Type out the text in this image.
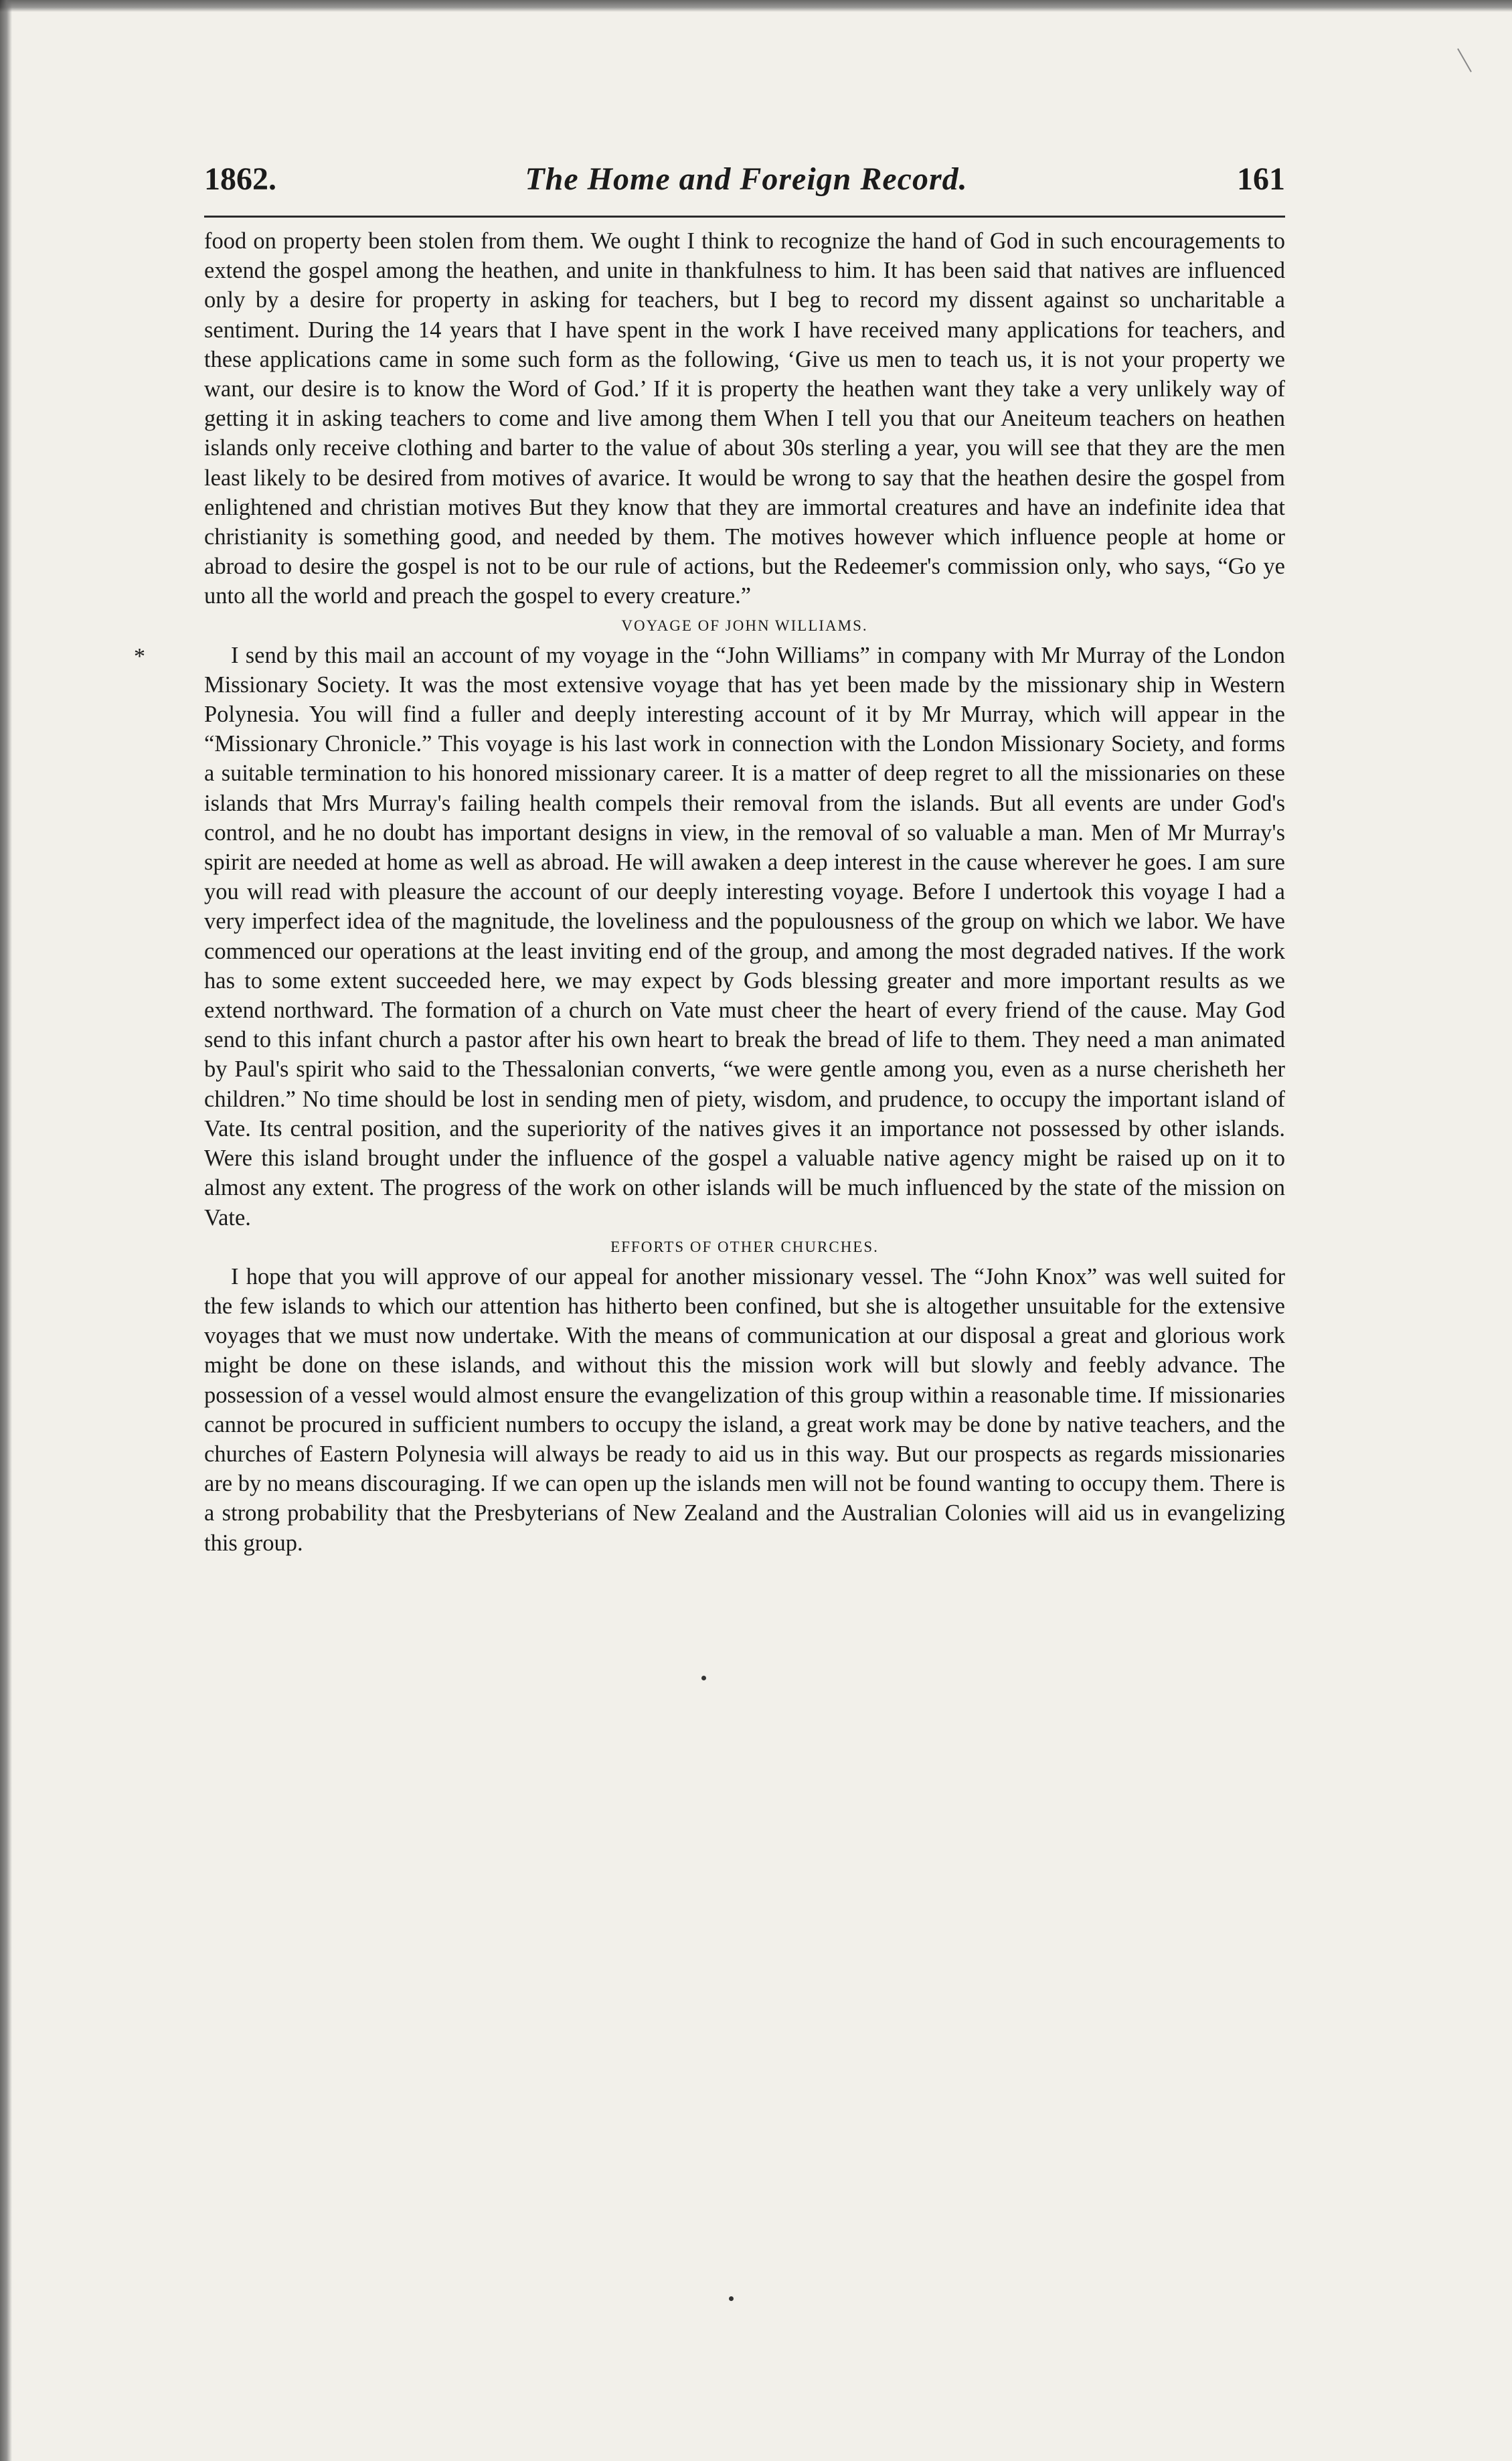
1862.	The Home and Foreign Record.	161
*

food on property been stolen from them. We ought I think to recognize the hand of God in such encouragements to extend the gospel among the heathen, and unite in thankfulness to him. It has been said that natives are influenced only by a desire for property in asking for teachers, but I beg to record my dissent against so uncharitable a sentiment. During the 14 years that I have spent in the work I have received many applications for teachers, and these applications came in some such form as the following, ‘Give us men to teach us, it is not your property we want, our desire is to know the Word of God.’ If it is property the heathen want they take a very unlikely way of getting it in asking teachers to come and live among them When I tell you that our Aneiteum teachers on heathen islands only receive clothing and barter to the value of about 30s sterling a year, you will see that they are the men least likely to be desired from motives of avarice. It would be wrong to say that the heathen desire the gospel from enlightened and christian motives But they know that they are immortal creatures and have an indefinite idea that christianity is something good, and needed by them. The motives however which influence people at home or abroad to desire the gospel is not to be our rule of actions, but the Redeemer's commission only, who says, “Go ye unto all the world and preach the gospel to every creature.”

VOYAGE OF JOHN WILLIAMS.

I send by this mail an account of my voyage in the “John Williams” in company with Mr Murray of the London Missionary Society. It was the most extensive voyage that has yet been made by the missionary ship in Western Polynesia. You will find a fuller and deeply interesting account of it by Mr Murray, which will appear in the “Missionary Chronicle.” This voyage is his last work in connection with the London Missionary Society, and forms a suitable termination to his honored missionary career. It is a matter of deep regret to all the missionaries on these islands that Mrs Murray's failing health compels their removal from the islands. But all events are under God's control, and he no doubt has important designs in view, in the removal of so valuable a man. Men of Mr Murray's spirit are needed at home as well as abroad. He will awaken a deep interest in the cause wherever he goes. I am sure you will read with pleasure the account of our deeply interesting voyage. Before I undertook this voyage I had a very imperfect idea of the magnitude, the loveliness and the populousness of the group on which we labor. We have commenced our operations at the least inviting end of the group, and among the most degraded natives. If the work has to some extent succeeded here, we may expect by Gods blessing greater and more important results as we extend northward. The formation of a church on Vate must cheer the heart of every friend of the cause. May God send to this infant church a pastor after his own heart to break the bread of life to them. They need a man animated by Paul's spirit who said to the Thessalonian converts, “we were gentle among you, even as a nurse cherisheth her children.” No time should be lost in sending men of piety, wisdom, and prudence, to occupy the important island of Vate. Its central position, and the superiority of the natives gives it an importance not possessed by other islands. Were this island brought under the influence of the gospel a valuable native agency might be raised up on it to almost any extent. The progress of the work on other islands will be much influenced by the state of the mission on Vate.

EFFORTS OF OTHER CHURCHES.

I hope that you will approve of our appeal for another missionary vessel. The “John Knox” was well suited for the few islands to which our attention has hitherto been confined, but she is altogether unsuitable for the extensive voyages that we must now undertake. With the means of communication at our disposal a great and glorious work might be done on these islands, and without this the mission work will but slowly and feebly advance. The possession of a vessel would almost ensure the evangelization of this group within a reasonable time. If missionaries cannot be procured in sufficient numbers to occupy the island, a great work may be done by native teachers, and the churches of Eastern Polynesia will always be ready to aid us in this way. But our prospects as regards missionaries are by no means discouraging. If we can open up the islands men will not be found wanting to occupy them. There is a strong probability that the Presbyterians of New Zealand and the Australian Colonies will aid us in evangelizing this group.
